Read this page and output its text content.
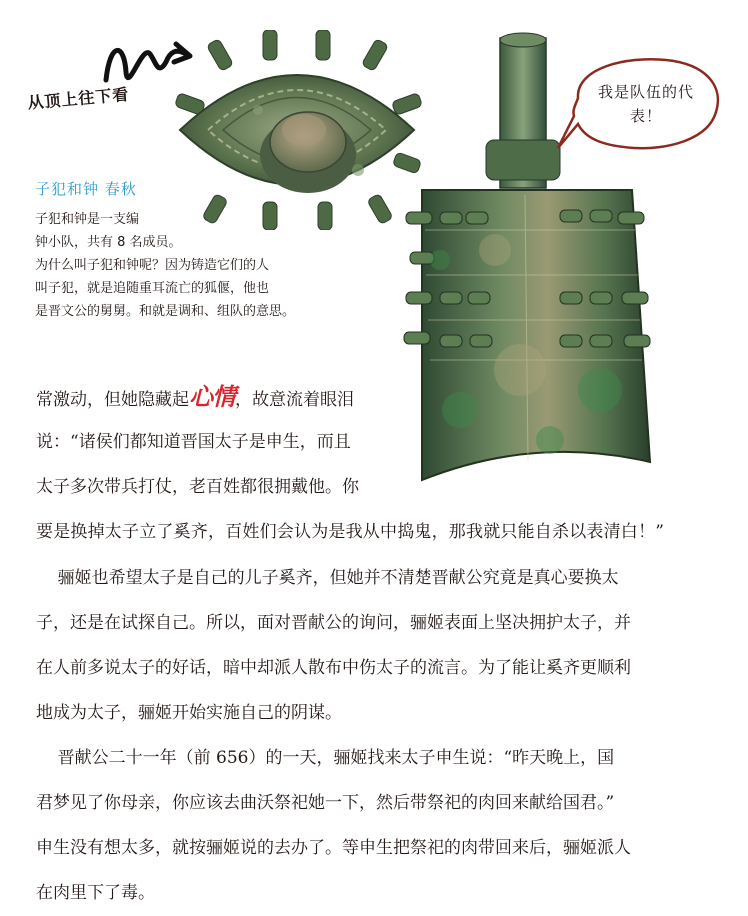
从顶上往下看	我是队伍的代表！
子犯和钟 春秋
子犯和钟是一支编
钟小队，共有 8 名成员。
为什么叫子犯和钟呢？因为铸造它们的人
叫子犯，就是追随重耳流亡的狐偃，他也
是晋文公的舅舅。和就是调和、组队的意思。
常激动，但她隐藏起心情，故意流着眼泪
说：“诸侯们都知道晋国太子是申生，而且
太子多次带兵打仗，老百姓都很拥戴他。你
要是换掉太子立了奚齐，百姓们会认为是我从中捣鬼，那我就只能自杀以表清白！”
骊姬也希望太子是自己的儿子奚齐，但她并不清楚晋献公究竟是真心要换太
子，还是在试探自己。所以，面对晋献公的询问，骊姬表面上坚决拥护太子，并
在人前多说太子的好话，暗中却派人散布中伤太子的流言。为了能让奚齐更顺利
地成为太子，骊姬开始实施自己的阴谋。
晋献公二十一年（前 656）的一天，骊姬找来太子申生说：“昨天晚上，国
君梦见了你母亲，你应该去曲沃祭祀她一下，然后带祭祀的肉回来献给国君。”
申生没有想太多，就按骊姬说的去办了。等申生把祭祀的肉带回来后，骊姬派人
在肉里下了毒。
